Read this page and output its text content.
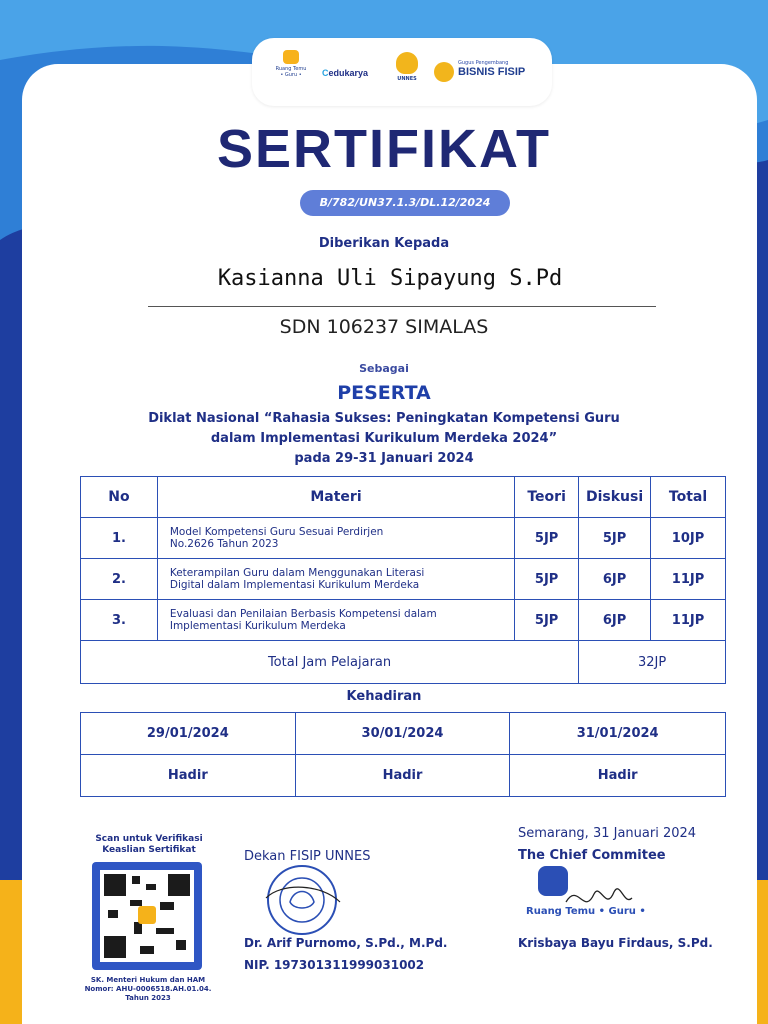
Ruang Temu • Guru •	Cedukarya
UNNES
Gugus Pengembang
BISNIS FISIP
SERTIFIKAT
B/782/UN37.1.3/DL.12/2024
Diberikan Kepada
Kasianna Uli Sipayung S.Pd
SDN 106237 SIMALAS
Sebagai
PESERTA
Diklat Nasional “Rahasia Sukses: Peningkatan Kompetensi Guru
dalam Implementasi Kurikulum Merdeka 2024”
pada 29-31 Januari 2024
No	Materi	Teori	Diskusi	Total
1.	Model Kompetensi Guru Sesuai Perdirjen
No.2626 Tahun 2023	5JP	5JP	10JP
2.	Keterampilan Guru dalam Menggunakan Literasi
Digital dalam Implementasi Kurikulum Merdeka	5JP	6JP	11JP
3.	Evaluasi dan Penilaian Berbasis Kompetensi dalam
Implementasi Kurikulum Merdeka	5JP	6JP	11JP
Total Jam Pelajaran			32JP	
Kehadiran
29/01/2024	30/01/2024	31/01/2024
Hadir	Hadir	Hadir
Scan untuk Verifikasi
Keaslian Sertifikat
SK. Menteri Hukum dan HAM
Nomor: AHU-0006518.AH.01.04.
Tahun 2023
Dekan FISIP UNNES
Dr. Arif Purnomo, S.Pd., M.Pd.
NIP. 197301311999031002
Semarang, 31 Januari 2024
The Chief Commitee
Ruang Temu • Guru •
Krisbaya Bayu Firdaus, S.Pd.
